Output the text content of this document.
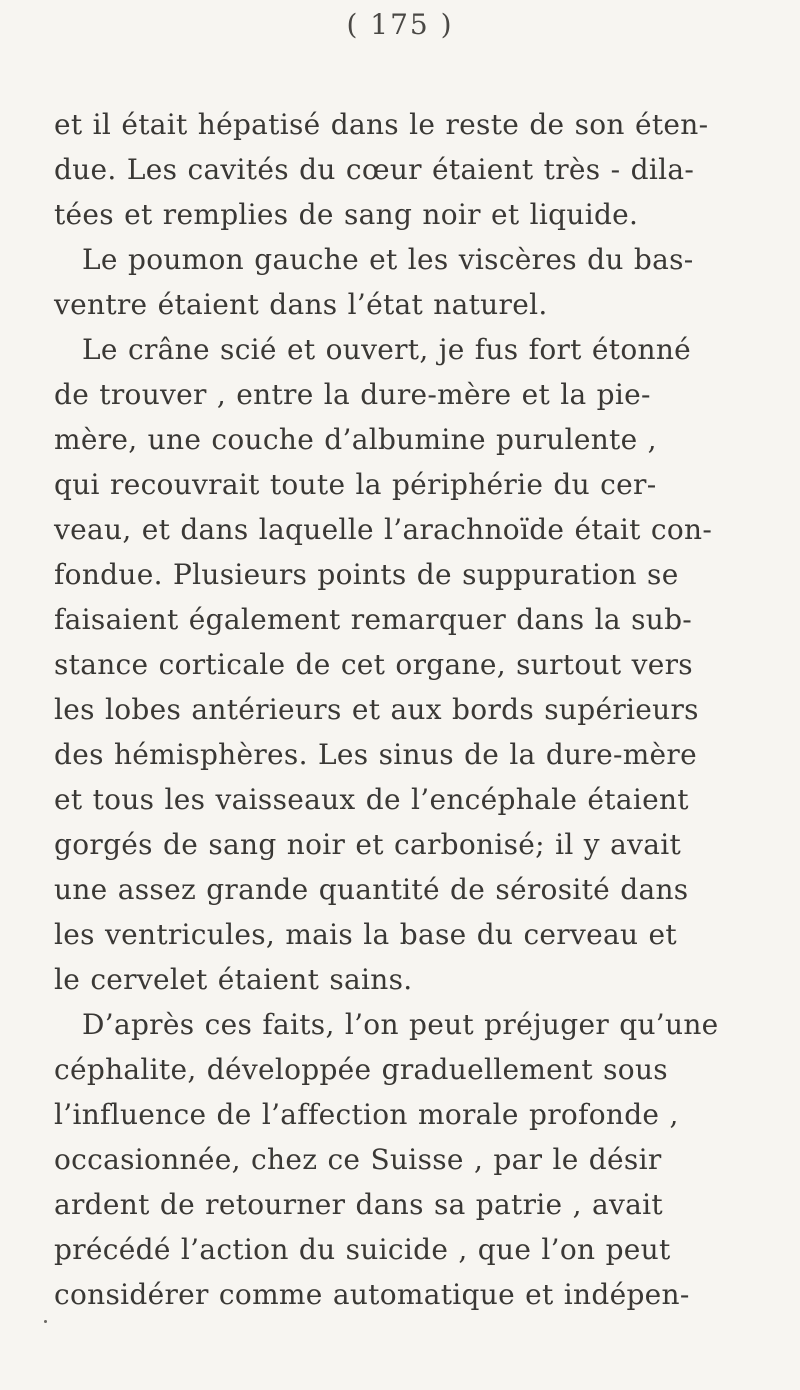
( 175 )
et il était hépatisé dans le reste de son éten-
due. Les cavités du cœur étaient très - dila-
tées et remplies de sang noir et liquide.
Le poumon gauche et les viscères du bas-
ventre étaient dans l’état naturel.
Le crâne scié et ouvert, je fus fort étonné
de trouver , entre la dure-mère et la pie-
mère, une couche d’albumine purulente ,
qui recouvrait toute la périphérie du cer-
veau, et dans laquelle l’arachnoïde était con-
fondue. Plusieurs points de suppuration se
faisaient également remarquer dans la sub-
stance corticale de cet organe, surtout vers
les lobes antérieurs et aux bords supérieurs
des hémisphères. Les sinus de la dure-mère
et tous les vaisseaux de l’encéphale étaient
gorgés de sang noir et carbonisé; il y avait
une assez grande quantité de sérosité dans
les ventricules, mais la base du cerveau et
le cervelet étaient sains.
D’après ces faits, l’on peut préjuger qu’une
céphalite, développée graduellement sous
l’influence de l’affection morale profonde ,
occasionnée, chez ce Suisse , par le désir
ardent de retourner dans sa patrie , avait
précédé l’action du suicide , que l’on peut
considérer comme automatique et indépen-
